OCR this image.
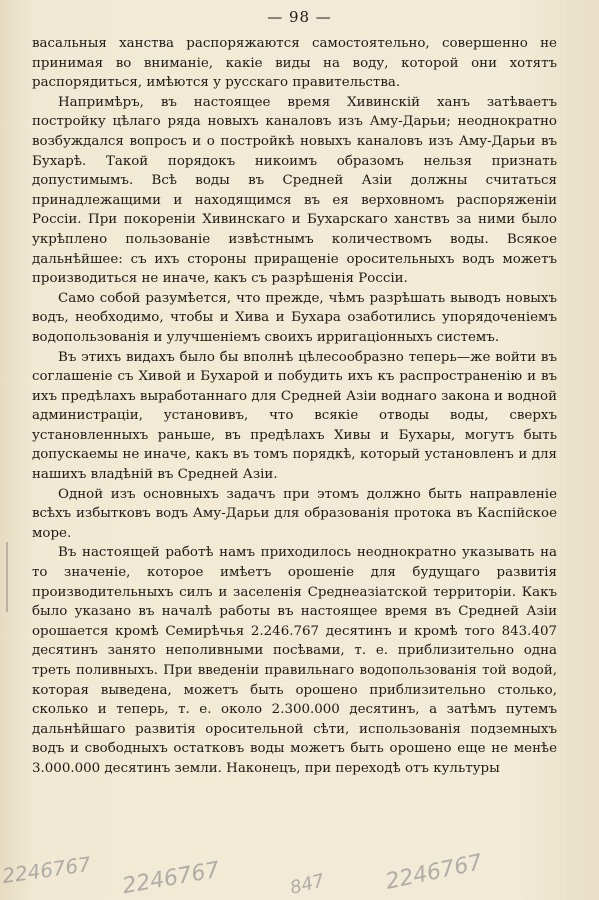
— 98 —

васальныя ханства распоряжаются самостоятельно, совершенно не принимая во вниманіе, какіе виды на воду, которой они хотятъ распорядиться, имѣются у русскаго правительства.

Напримѣръ, въ настоящее время Хивинскій ханъ затѣваетъ постройку цѣлаго ряда новыхъ каналовъ изъ Аму-Дарьи; неоднократно возбуждался вопросъ и о постройкѣ новыхъ каналовъ изъ Аму-Дарьи въ Бухарѣ. Такой порядокъ никоимъ образомъ нельзя признать допустимымъ. Всѣ воды въ Средней Азіи должны считаться принадлежащими и находящимся въ ея верховномъ распоряженіи Россіи. При покореніи Хивинскаго и Бухарскаго ханствъ за ними было укрѣплено пользованіе извѣстнымъ количествомъ воды. Всякое дальнѣйшее: съ ихъ стороны приращеніе оросительныхъ водъ можетъ производиться не иначе, какъ съ разрѣшенія Россіи.

Само собой разумѣется, что прежде, чѣмъ разрѣшать выводъ новыхъ водъ, необходимо, чтобы и Хива и Бухара озаботились упорядоченіемъ водопользованія и улучшеніемъ своихъ ирригаціонныхъ системъ.

Въ этихъ видахъ было бы вполнѣ цѣлесообразно теперь—же войти въ соглашеніе съ Хивой и Бухарой и побудить ихъ къ распространенію и въ ихъ предѣлахъ выработаннаго для Средней Азіи воднаго закона и водной администраціи, установивъ, что всякіе отводы воды, сверхъ установленныхъ раньше, въ предѣлахъ Хивы и Бухары, могутъ быть допускаемы не иначе, какъ въ томъ порядкѣ, который установленъ и для нашихъ владѣній въ Средней Азіи.

Одной изъ основныхъ задачъ при этомъ должно быть направленіе всѣхъ избытковъ водъ Аму-Дарьи для образованія протока въ Каспійское море.

Въ настоящей работѣ намъ приходилось неоднократно указывать на то значеніе, которое имѣетъ орошеніе для будущаго развитія производительныхъ силъ и заселенія Среднеазіатской территоріи. Какъ было указано въ началѣ работы въ настоящее время въ Средней Азіи орошается кромѣ Семирѣчья 2.246.767 десятинъ и кромѣ того 843.407 десятинъ занято неполивными посѣвами, т. е. приблизительно одна треть поливныхъ. При введеніи правильнаго водопользованія той водой, которая выведена, можетъ быть орошено приблизительно столько, сколько и теперь, т. е. около 2.300.000 десятинъ, а затѣмъ путемъ дальнѣйшаго развитія оросительной сѣти, использованія подземныхъ водъ и свободныхъ остатковъ воды можетъ быть орошено еще не менѣе 3.000.000 десятинъ земли. Наконецъ, при переходѣ отъ культуры

2246767 2246767	847	2246767
